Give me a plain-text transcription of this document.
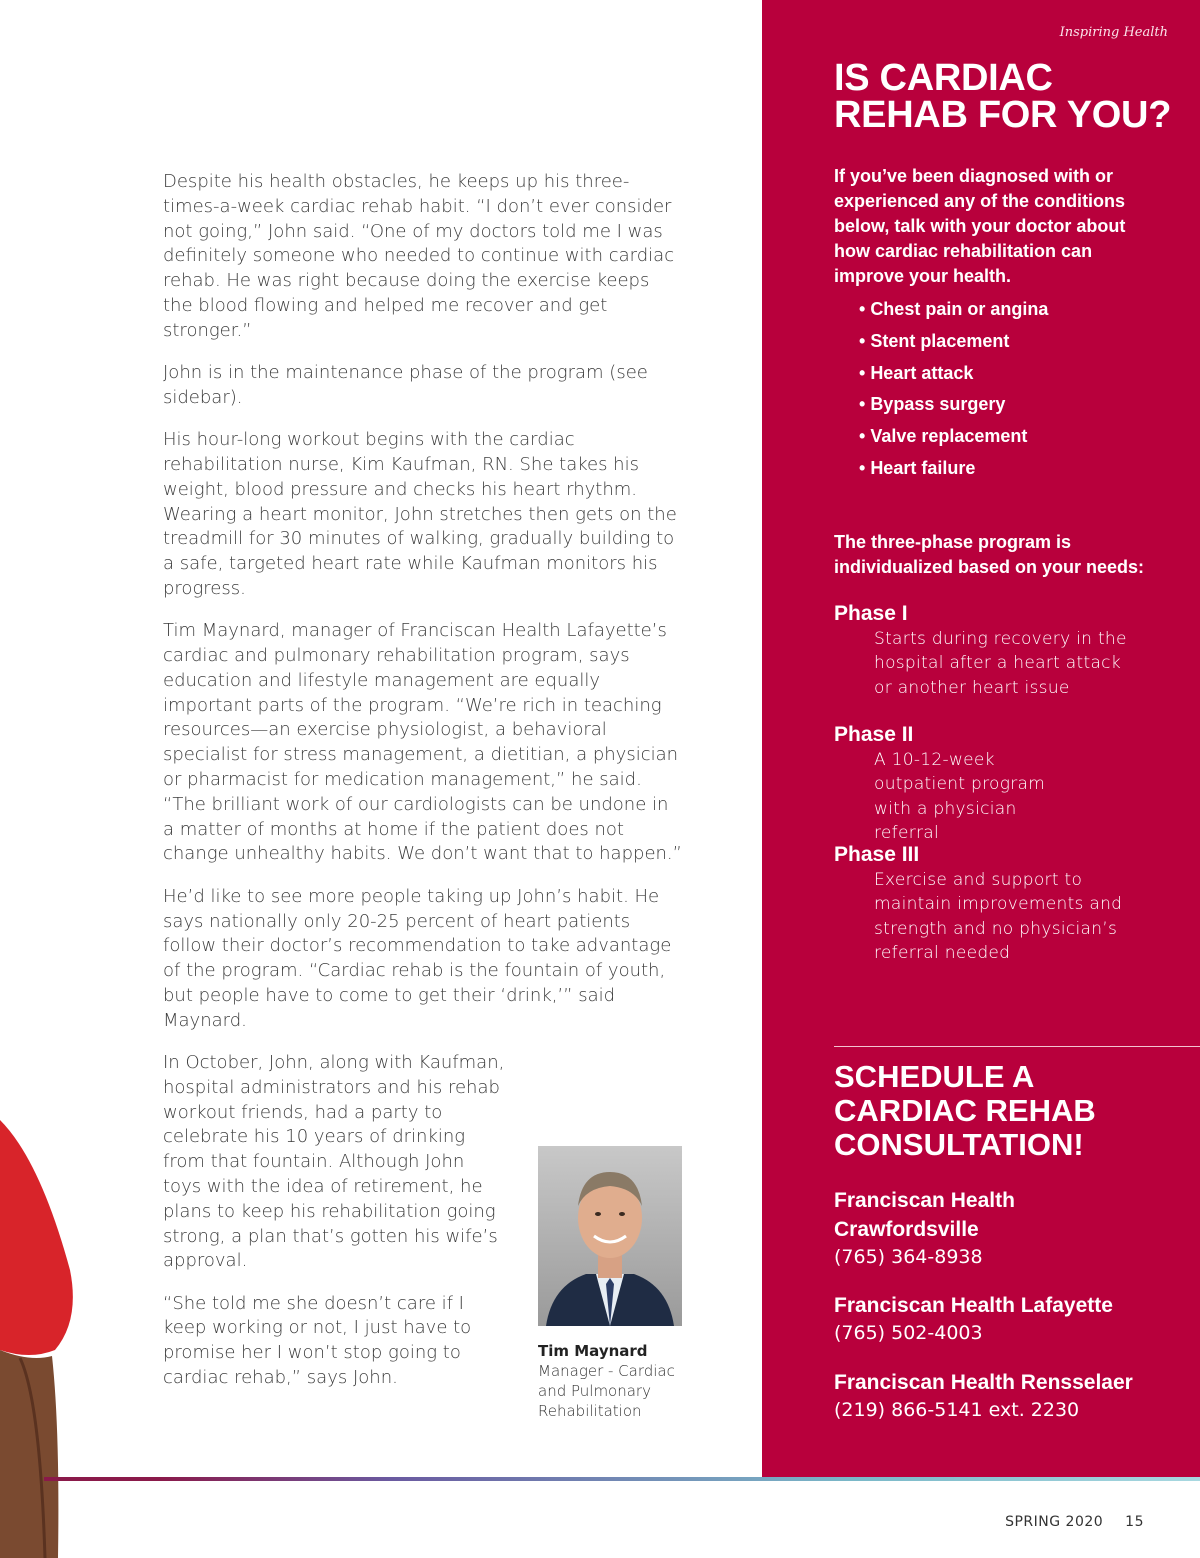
Despite his health obstacles, he keeps up his three-times-a-week cardiac rehab habit. “I don’t ever consider not going,” John said. “One of my doctors told me I was definitely someone who needed to continue with cardiac rehab. He was right because doing the exercise keeps the blood flowing and helped me recover and get stronger.”

John is in the maintenance phase of the program (see sidebar).

His hour-long workout begins with the cardiac rehabilitation nurse, Kim Kaufman, RN. She takes his weight, blood pressure and checks his heart rhythm. Wearing a heart monitor, John stretches then gets on the treadmill for 30 minutes of walking, gradually building to a safe, targeted heart rate while Kaufman monitors his progress.

Tim Maynard, manager of Franciscan Health Lafayette’s cardiac and pulmonary rehabilitation program, says education and lifestyle management are equally important parts of the program. “We’re rich in teaching resources—an exercise physiologist, a behavioral specialist for stress management, a dietitian, a physician or pharmacist for medication management,” he said. “The brilliant work of our cardiologists can be undone in a matter of months at home if the patient does not change unhealthy habits. We don’t want that to happen.”

He’d like to see more people taking up John’s habit. He says nationally only 20-25 percent of heart patients follow their doctor’s recommendation to take advantage of the program. “Cardiac rehab is the fountain of youth, but people have to come to get their ‘drink,’” said Maynard.

In October, John, along with Kaufman, hospital administrators and his rehab workout friends, had a party to celebrate his 10 years of drinking from that fountain. Although John toys with the idea of retirement, he plans to keep his rehabilitation going strong, a plan that’s gotten his wife’s approval.

“She told me she doesn’t care if I keep working or not, I just have to promise her I won’t stop going to cardiac rehab,” says John.

Tim Maynard
Manager - Cardiac and Pulmonary Rehabilitation
Inspiring Health
IS CARDIAC REHAB FOR YOU?
If you’ve been diagnosed with or experienced any of the conditions below, talk with your doctor about how cardiac rehabilitation can improve your health.
• Chest pain or angina
• Stent placement
• Heart attack
• Bypass surgery
• Valve replacement
• Heart failure
The three-phase program is individualized based on your needs:
Phase I
Starts during recovery in the hospital after a heart attack or another heart issue
Phase II
A 10-12-week outpatient program with a physician referral
Phase III
Exercise and support to maintain improvements and strength and no physician’s referral needed
SCHEDULE A CARDIAC REHAB CONSULTATION!
Franciscan Health Crawfordsville
(765) 364-8938
Franciscan Health Lafayette
(765) 502-4003
Franciscan Health Rensselaer
(219) 866-5141 ext. 2230
SPRING 2020 15
